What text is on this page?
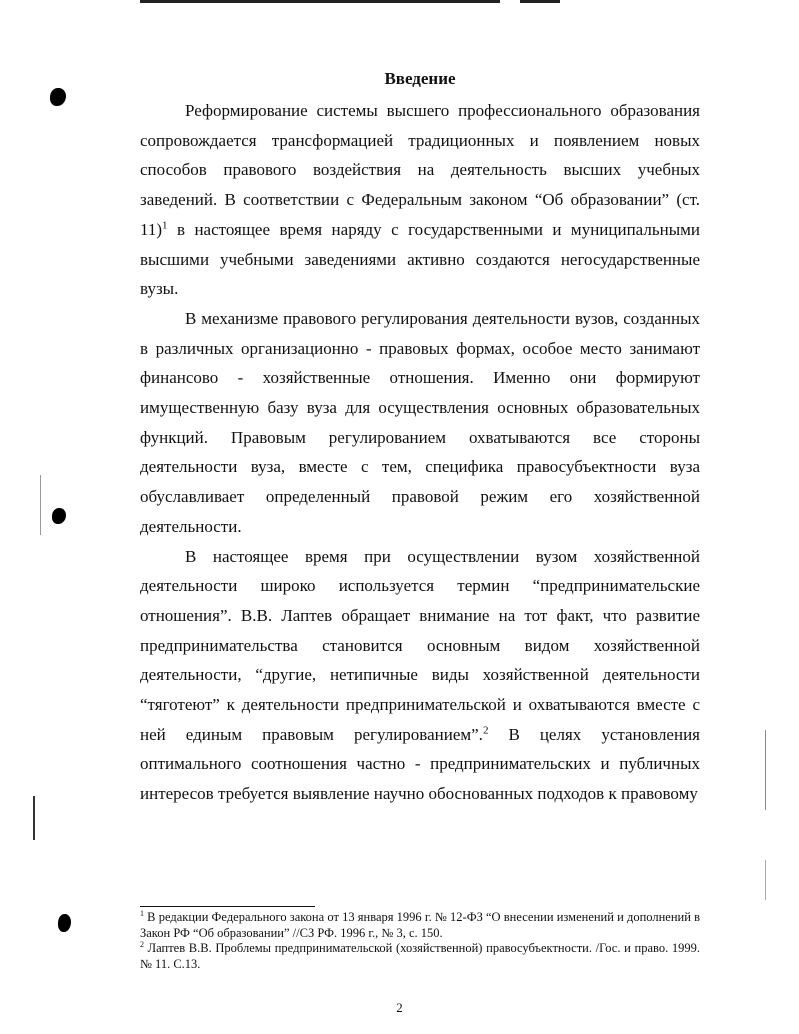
Введение

Реформирование системы высшего профессионального образования сопровождается трансформацией традиционных и появлением новых способов правового воздействия на деятельность высших учебных заведений. В соответствии с Федеральным законом “Об образовании” (ст. 11)$^1$ в настоящее время наряду с государственными и муниципальными высшими учебными заведениями активно создаются негосударственные вузы.

В механизме правового регулирования деятельности вузов, созданных в различных организационно - правовых формах, особое место занимают финансово - хозяйственные отношения. Именно они формируют имущественную базу вуза для осуществления основных образовательных функций. Правовым регулированием охватываются все стороны деятельности вуза, вместе с тем, специфика правосубъектности вуза обуславливает определенный правовой режим его хозяйственной деятельности.

В настоящее время при осуществлении вузом хозяйственной деятельности широко используется термин “предпринимательские отношения”. В.В. Лаптев обращает внимание на тот факт, что развитие предпринимательства становится основным видом хозяйственной деятельности, “другие, нетипичные виды хозяйственной деятельности “тяготеют” к деятельности предпринимательской и охватываются вместе с ней единым правовым регулированием”.$^2$ В целях установления оптимального соотношения частно - предпринимательских и публичных интересов требуется выявление научно обоснованных подходов к правовому

$^1$ В редакции Федерального закона от 13 января 1996 г. № 12-ФЗ “О внесении изменений и дополнений в Закон РФ “Об образовании” //СЗ РФ. 1996 г., № 3, с. 150.

$^2$ Лаптев В.В. Проблемы предпринимательской (хозяйственной) правосубъектности. /Гос. и право. 1999. № 11. С.13.

2
